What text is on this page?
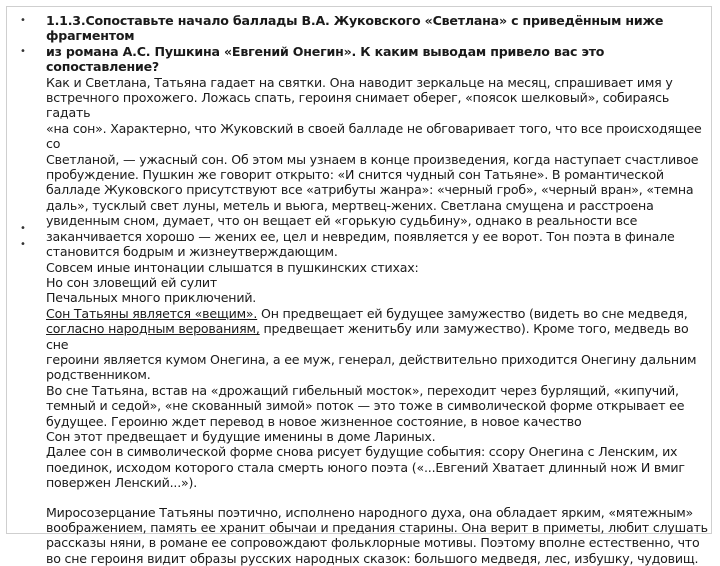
•
•
•
•

1.1.3.Сопоставьте начало баллады В.А. Жуковского «Светлана» с приведённым ниже фрагментом

из романа А.С. Пушкина «Евгений Онегин». К каким выводам привело вас это сопоставление?

Как и Светлана, Татьяна гадает на святки. Она наводит зеркальце на месяц, спрашивает имя у

встречного прохожего. Ложась спать, героиня снимает оберег, «поясок шелковый», собираясь гадать

«на сон». Характерно, что Жуковский в своей балладе не обговаривает того, что все происходящее со

Светланой, — ужасный сон. Об этом мы узнаем в конце произведения, когда наступает счастливое

пробуждение. Пушкин же говорит открыто: «И снится чудный сон Татьяне». В романтической

балладе Жуковского присутствуют все «атрибуты жанра»: «черный гроб», «черный вран», «темна

даль», тусклый свет луны, метель и вьюга, мертвец-жених. Светлана смущена и расстроена

увиденным сном, думает, что он вещает ей «горькую судьбину», однако в реальности все

заканчивается хорошо — жених ее, цел и невредим, появляется у ее ворот. Тон поэта в финале

становится бодрым и жизнеутверждающим.

Совсем иные интонации слышатся в пушкинских стихах:

Но сон зловещий ей сулит

Печальных много приключений.

Сон Татьяны является «вещим». Он предвещает ей будущее замужество (видеть во сне медведя,

согласно народным верованиям, предвещает женитьбу или замужество). Кроме того, медведь во сне

героини является кумом Онегина, а ее муж, генерал, действительно приходится Онегину дальним

родственником.

Во сне Татьяна, встав на «дрожащий гибельный мосток», переходит через бурлящий, «кипучий,

темный и седой», «не скованный зимой» поток — это тоже в символической форме открывает ее

будущее. Героиню ждет перевод в новое жизненное состояние, в новое качество

Сон этот предвещает и будущие именины в доме Лариных.

Далее сон в символической форме снова рисует будущие события: ссору Онегина с Ленским, их

поединок, исходом которого стала смерть юного поэта («...Евгений Хватает длинный нож И вмиг

повержен Ленский...»).

Миросозерцание Татьяны поэтично, исполнено народного духа, она обладает ярким, «мятежным»

воображением, память ее хранит обычаи и предания старины. Она верит в приметы, любит слушать

рассказы няни, в романе ее сопровождают фольклорные мотивы. Поэтому вполне естественно, что

во сне героиня видит образы русских народных сказок: большого медведя, лес, избушку, чудовищ.
